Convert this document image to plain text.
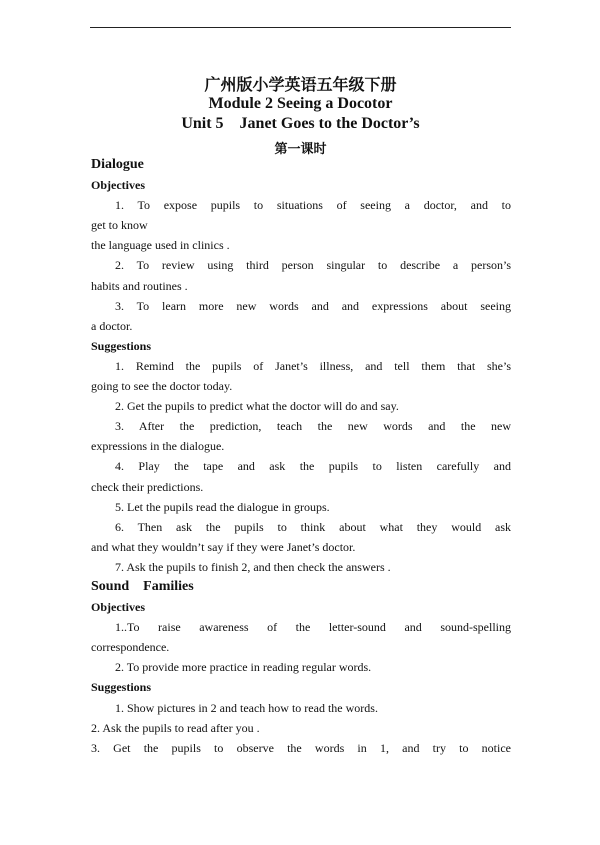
广州版小学英语五年级下册
Module 2 Seeing a Docotor
Unit 5    Janet Goes to the Doctor’s
第一课时

Dialogue

Objectives

1. To expose pupils to situations of seeing a doctor, and to

get to know

the language used in clinics .

2. To review using third person singular to describe a person’s

habits and routines .

3. To learn more new words and and expressions about seeing

a doctor.

Suggestions

1. Remind the pupils of Janet’s illness, and tell them that she’s

going to see the doctor today.

2. Get the pupils to predict what the doctor will do and say.

3. After the prediction, teach the new words and the new

expressions in the dialogue.

4. Play the tape and ask the pupils to listen carefully and

check their predictions.

5. Let the pupils read the dialogue in groups.

6. Then ask the pupils to think about what they would ask

and what they wouldn’t say if they were Janet’s doctor.

7. Ask the pupils to finish 2, and then check the answers .

Sound    Families

Objectives

1..To raise awareness of the letter-sound and sound-spelling

correspondence.

2. To provide more practice in reading regular words.

Suggestions

1. Show pictures in 2 and teach how to read the words.

2. Ask the pupils to read after you .

3. Get the pupils to observe the words in 1, and try to notice
